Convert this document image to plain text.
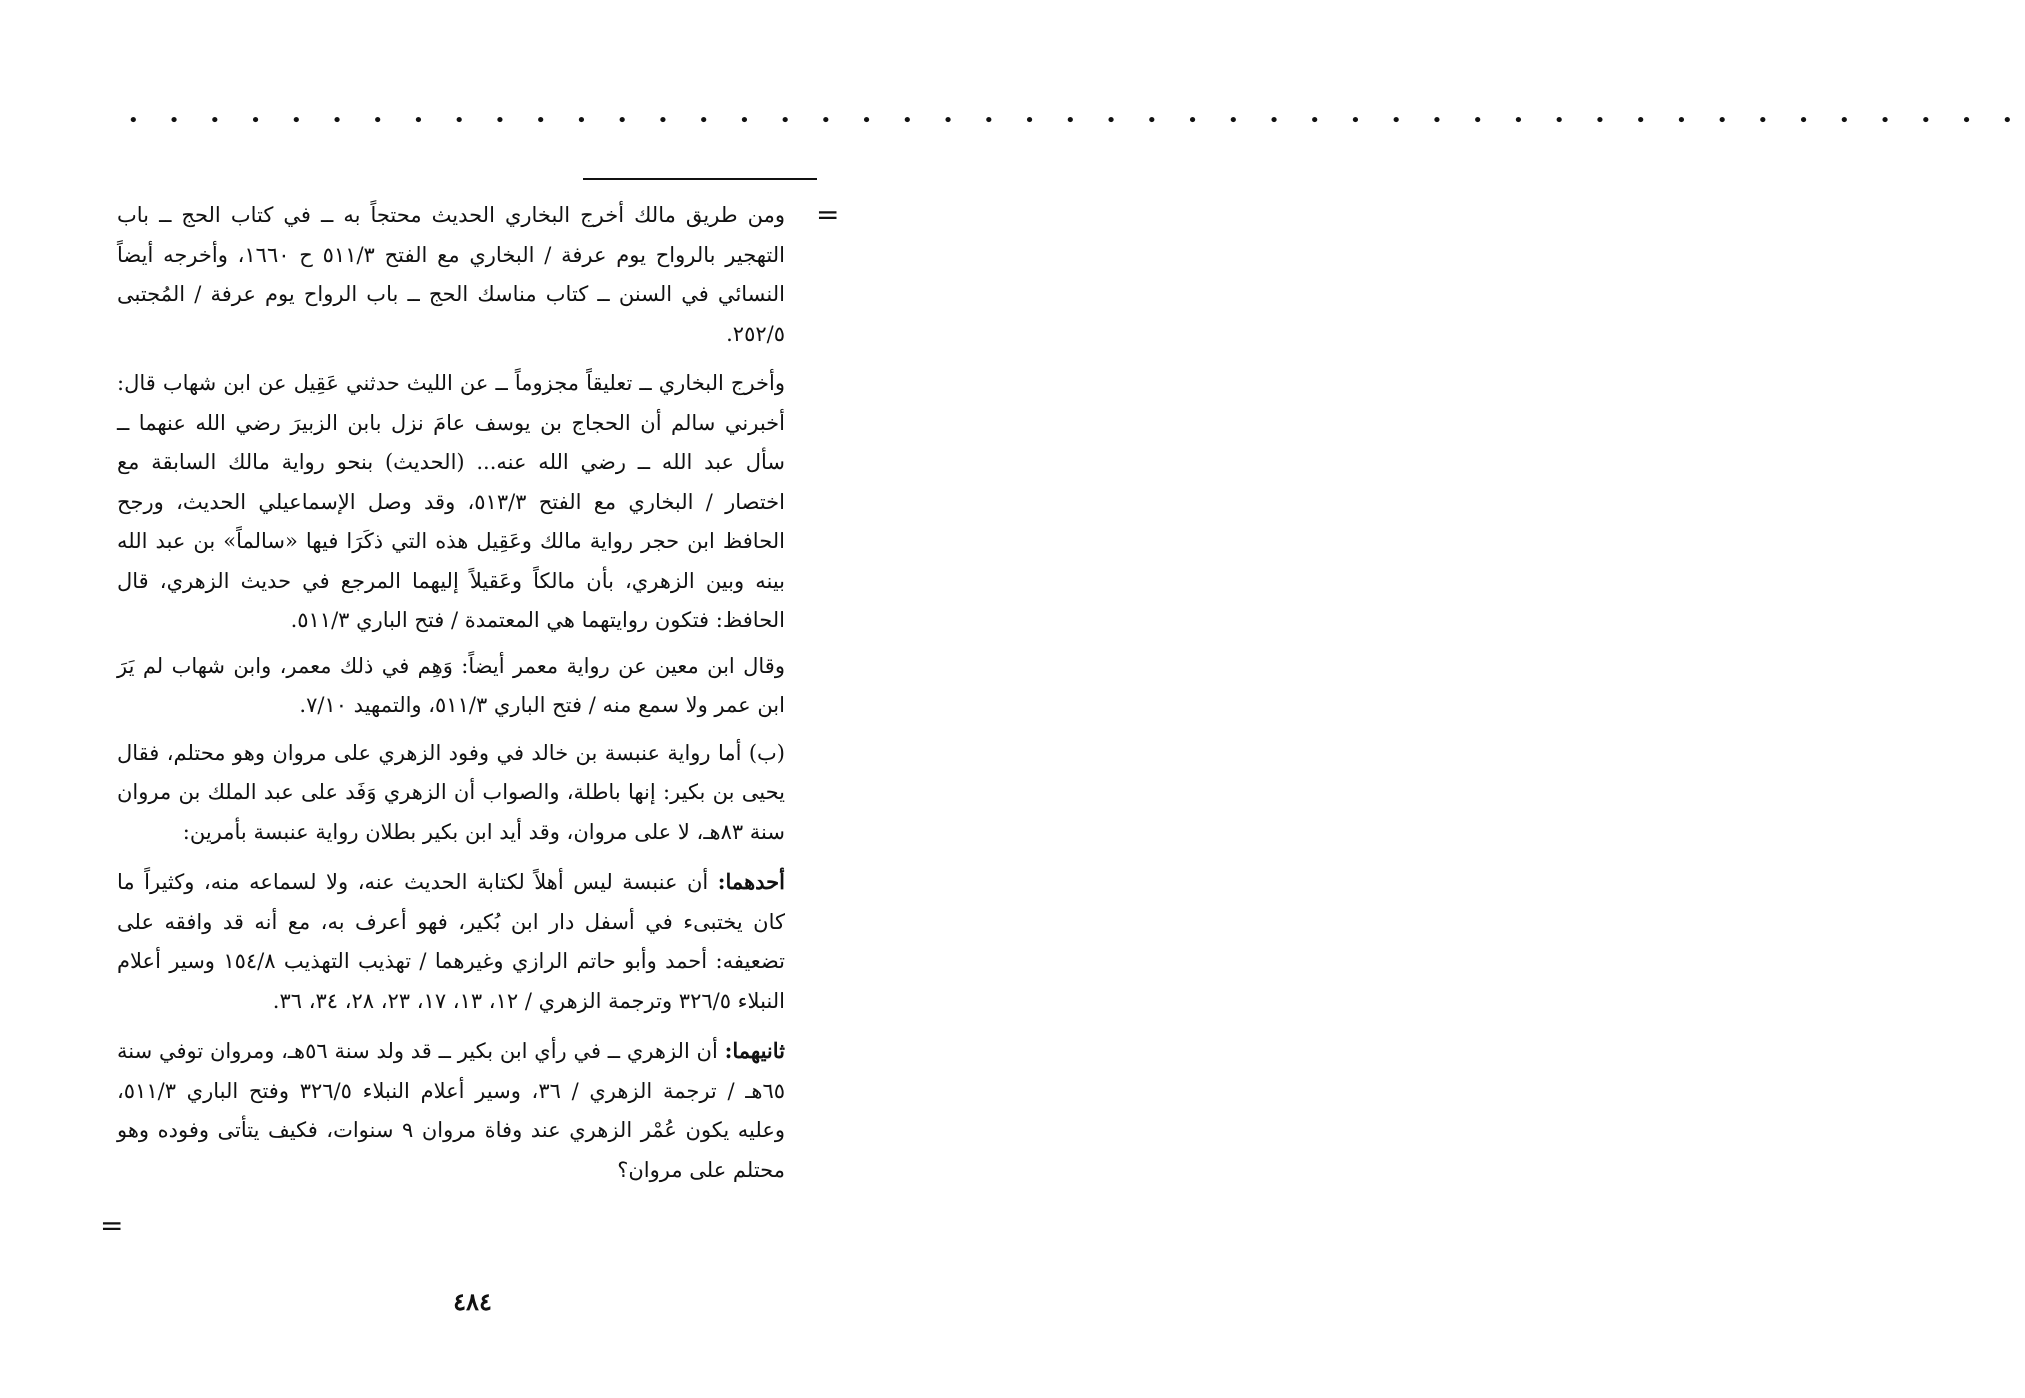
• • • • • • • • • • • • • • • • • • • • • • • • • • • • • • • • • • • • • • • • • • • • • • •
=
=

ومن طريق مالك أخرج البخاري الحديث محتجاً به ــ في كتاب الحج ــ باب التهجير بالرواح يوم عرفة / البخاري مع الفتح ٥١١/٣ ح ١٦٦٠، وأخرجه أيضاً النسائي في السنن ــ كتاب مناسك الحج ــ باب الرواح يوم عرفة / المُجتبى ٢٥٢/٥.

وأخرج البخاري ــ تعليقاً مجزوماً ــ عن الليث حدثني عَقِيل عن ابن شهاب قال: أخبرني سالم أن الحجاج بن يوسف عامَ نزل بابن الزبيرَ رضي الله عنهما ــ سأل عبد الله ــ رضي الله عنه... (الحديث) بنحو رواية مالك السابقة مع اختصار / البخاري مع الفتح ٥١٣/٣، وقد وصل الإسماعيلي الحديث، ورجح الحافظ ابن حجر رواية مالك وعَقِيل هذه التي ذكَرَا فيها «سالماً» بن عبد الله بينه وبين الزهري، بأن مالكاً وعَقيلاً إليهما المرجع في حديث الزهري، قال الحافظ: فتكون روايتهما هي المعتمدة / فتح الباري ٥١١/٣.

وقال ابن معين عن رواية معمر أيضاً: وَهِم في ذلك معمر، وابن شهاب لم يَرَ ابن عمر ولا سمع منه / فتح الباري ٥١١/٣، والتمهيد ٧/١٠.

(ب) أما رواية عنبسة بن خالد في وفود الزهري على مروان وهو محتلم، فقال يحيى بن بكير: إنها باطلة، والصواب أن الزهري وَفَد على عبد الملك بن مروان سنة ٨٣هـ، لا على مروان، وقد أيد ابن بكير بطلان رواية عنبسة بأمرين:

أحدهما: أن عنبسة ليس أهلاً لكتابة الحديث عنه، ولا لسماعه منه، وكثيراً ما كان يختبىء في أسفل دار ابن بُكير، فهو أعرف به، مع أنه قد وافقه على تضعيفه: أحمد وأبو حاتم الرازي وغيرهما / تهذيب التهذيب ١٥٤/٨ وسير أعلام النبلاء ٣٢٦/٥ وترجمة الزهري / ١٢، ١٣، ١٧، ٢٣، ٢٨، ٣٤، ٣٦.

ثانيهما: أن الزهري ــ في رأي ابن بكير ــ قد ولد سنة ٥٦هـ، ومروان توفي سنة ٦٥هـ / ترجمة الزهري / ٣٦، وسير أعلام النبلاء ٣٢٦/٥ وفتح الباري ٥١١/٣، وعليه يكون عُمْر الزهري عند وفاة مروان ٩ سنوات، فكيف يتأتى وفوده وهو محتلم على مروان؟

٤٨٤
